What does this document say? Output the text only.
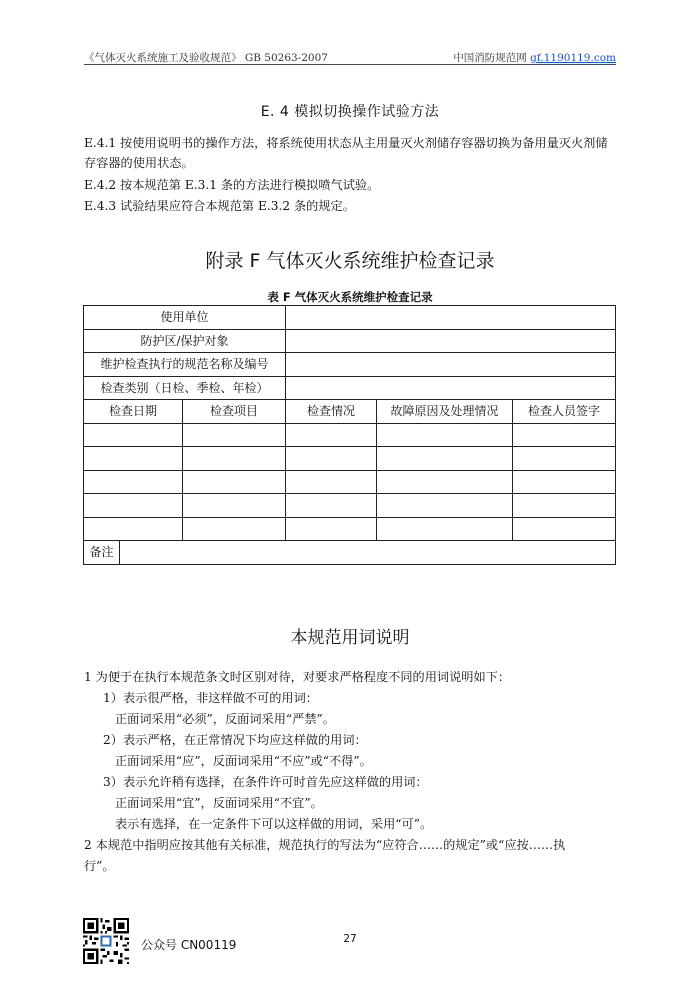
《气体灭火系统施工及验收规范》 GB 50263-2007	中国消防规范网 gf.1190119.com
E. 4 模拟切换操作试验方法
E.4.1 按使用说明书的操作方法，将系统使用状态从主用量灭火剂储存容器切换为备用量灭火剂储
存容器的使用状态。
E.4.2 按本规范第 E.3.1 条的方法进行模拟喷气试验。
E.4.3 试验结果应符合本规范第 E.3.2 条的规定。
附录 F 气体灭火系统维护检查记录
表 F 气体灭火系统维护检查记录
使用单位					
防护区/保护对象					
维护检查执行的规范名称及编号					
检查类别（日检、季检、年检）					
检查日期		检查项目	检查情况	故障原因及处理情况	检查人员签字

备注					
本规范用词说明
1 为便于在执行本规范条文时区别对待，对要求严格程度不同的用词说明如下：
1）表示很严格，非这样做不可的用词：
正面词采用“必须”，反面词采用“严禁”。
2）表示严格，在正常情况下均应这样做的用词：
正面词采用“应”，反面词采用“不应”或“不得”。
3）表示允许稍有选择，在条件许可时首先应这样做的用词：
正面词采用“宜”，反面词采用“不宜”。
表示有选择，在一定条件下可以这样做的用词，采用“可”。
2 本规范中指明应按其他有关标准，规范执行的写法为“应符合……的规定”或“应按……执
行”。
公众号 CN00119	27
